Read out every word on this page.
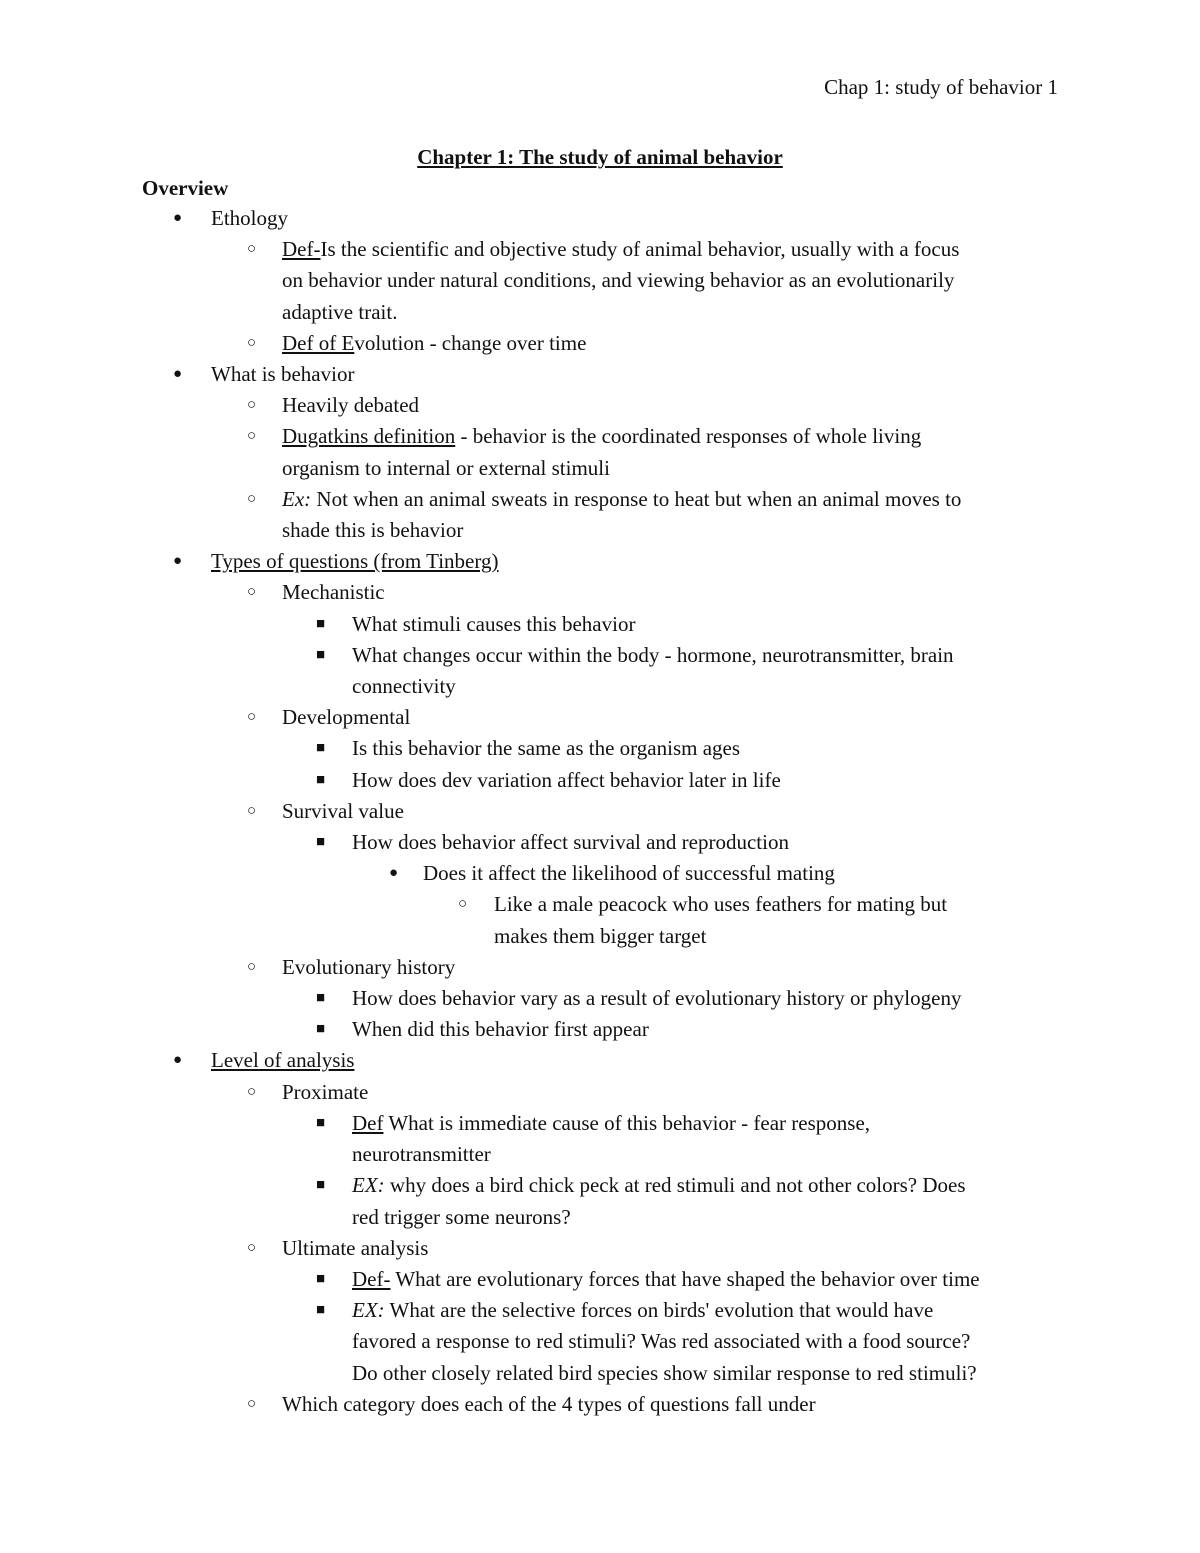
Chap 1: study of behavior 1
Chapter 1: The study of animal behavior
Overview
● Ethology
○ Def-Is the scientific and objective study of animal behavior, usually with a focus
on behavior under natural conditions, and viewing behavior as an evolutionarily
adaptive trait.
○ Def of Evolution - change over time
● What is behavior
○ Heavily debated
○ Dugatkins definition - behavior is the coordinated responses of whole living
organism to internal or external stimuli
○ Ex: Not when an animal sweats in response to heat but when an animal moves to
shade this is behavior
● Types of questions (from Tinberg)
○ Mechanistic
■ What stimuli causes this behavior
■ What changes occur within the body - hormone, neurotransmitter, brain
connectivity
○ Developmental
■ Is this behavior the same as the organism ages
■ How does dev variation affect behavior later in life
○ Survival value
■ How does behavior affect survival and reproduction
● Does it affect the likelihood of successful mating
○ Like a male peacock who uses feathers for mating but
makes them bigger target
○ Evolutionary history
■ How does behavior vary as a result of evolutionary history or phylogeny
■ When did this behavior first appear
● Level of analysis
○ Proximate
■ Def What is immediate cause of this behavior - fear response,
neurotransmitter
■ EX: why does a bird chick peck at red stimuli and not other colors? Does
red trigger some neurons?
○ Ultimate analysis
■ Def- What are evolutionary forces that have shaped the behavior over time
■ EX: What are the selective forces on birds' evolution that would have
favored a response to red stimuli? Was red associated with a food source?
Do other closely related bird species show similar response to red stimuli?
○ Which category does each of the 4 types of questions fall under
